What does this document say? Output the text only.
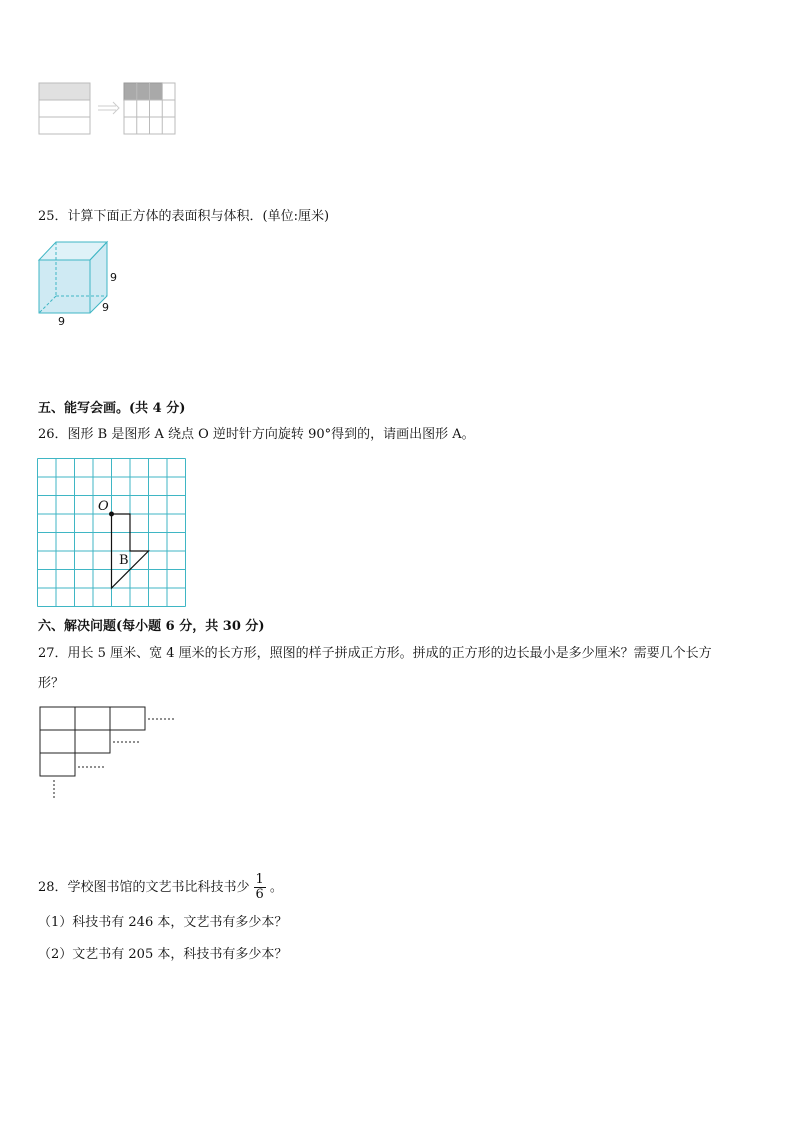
25．计算下面正方体的表面积与体积．(单位:厘米)
9
9
9
五、能写会画。(共 4 分)
26．图形 B 是图形 A 绕点 O 逆时针方向旋转 90°得到的，请画出图形 A。
O
B
六、解决问题(每小题 6 分，共 30 分)
27．用长 5 厘米、宽 4 厘米的长方形，照图的样子拼成正方形。拼成的正方形的边长最小是多少厘米？需要几个长方
形？
28．学校图书馆的文艺书比科技书少 $\frac{1}{6}$ 。
（1）科技书有 246 本，文艺书有多少本？
（2）文艺书有 205 本，科技书有多少本？
